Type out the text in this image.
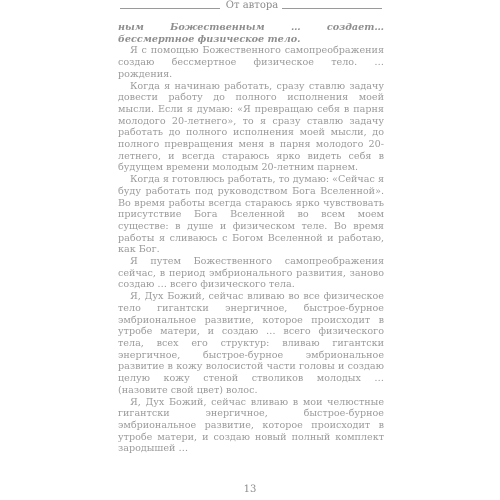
От автора

ным Божественным … создает… бессмертное физическое тело.

Я с помощью Божественного самопреображения создаю бессмертное физическое тело. … рождения.

Когда я начинаю работать, сразу ставлю задачу довести работу до полного исполнения моей мысли. Если я думаю: «Я превращаю себя в парня молодого 20-летнего», то я сразу ставлю задачу работать до полного исполнения моей мысли, до полного превращения меня в парня молодого 20-летнего, и всегда стараюсь ярко видеть себя в будущем времени молодым 20-летним парнем.

Когда я готовлюсь работать, то думаю: «Сейчас я буду работать под руководством Бога Вселенной». Во время работы всегда стараюсь ярко чувствовать присутствие Бога Вселенной во всем моем существе: в душе и физическом теле. Во время работы я сливаюсь с Богом Вселенной и работаю, как Бог.

Я путем Божественного самопреображения сейчас, в период эмбрионального развития, заново создаю … всего физического тела.

Я, Дух Божий, сейчас вливаю во все физическое тело гигантски энергичное, быстрое-бурное эмбриональное развитие, которое происходит в утробе матери, и создаю … всего физического тела, всех его структур: вливаю гигантски энергичное, быстрое-бурное эмбриональное развитие в кожу волосистой части головы и создаю целую кожу стеной стволиков молодых … (назовите свой цвет) волос.

Я, Дух Божий, сейчас вливаю в мои челюстные гигантски энергичное, быстрое-бурное эмбриональное развитие, которое происходит в утробе матери, и создаю новый полный комплект зародышей …

13
